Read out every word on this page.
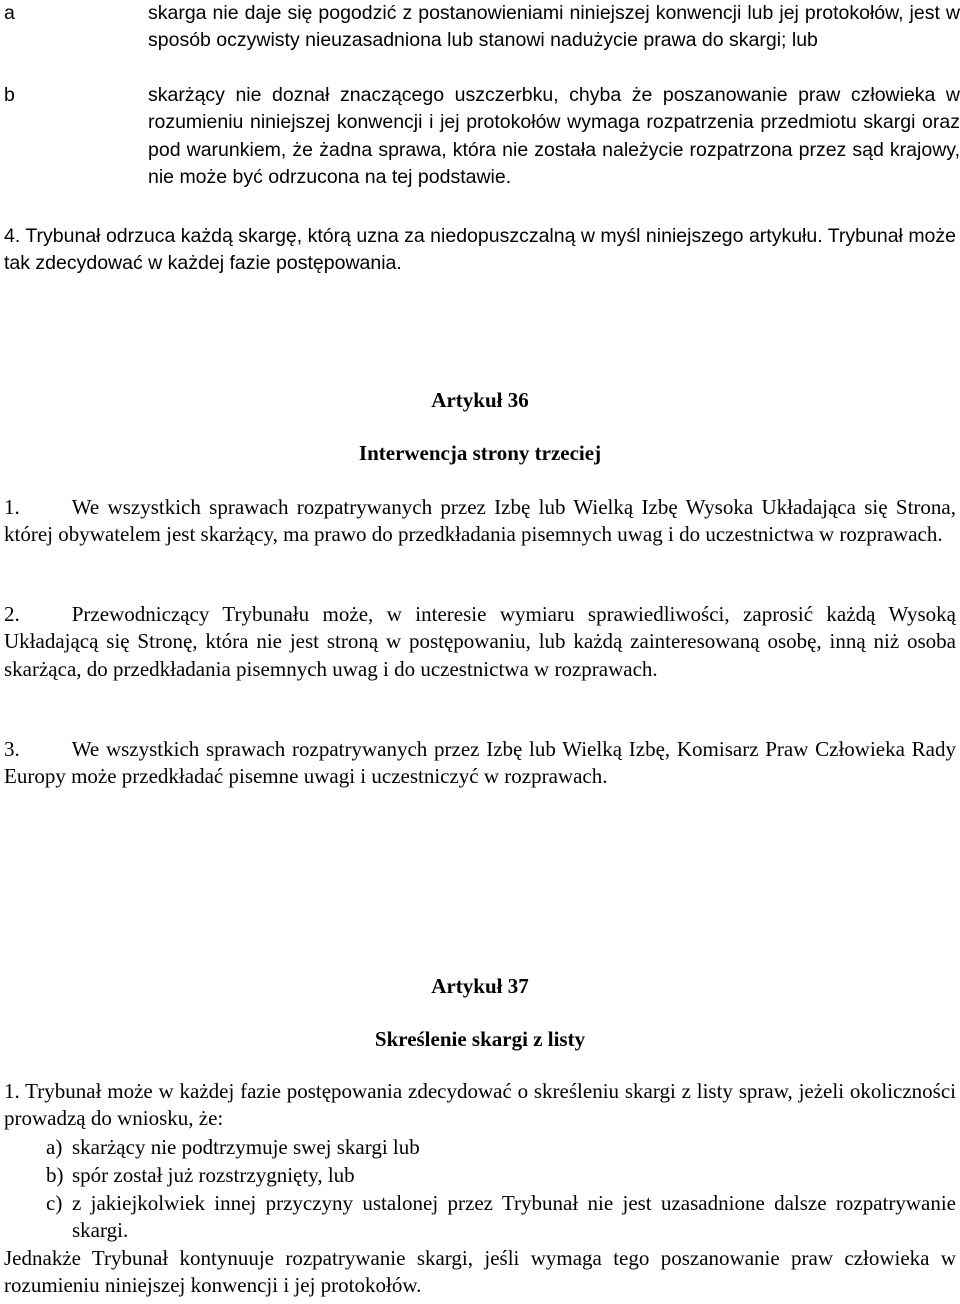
a	skarga nie daje się pogodzić z postanowieniami niniejszej konwencji lub jej protokołów, jest w sposób oczywisty nieuzasadniona lub stanowi nadużycie prawa do skargi; lub
b	skarżący nie doznał znaczącego uszczerbku, chyba że poszanowanie praw człowieka w rozumieniu niniejszej konwencji i jej protokołów wymaga rozpatrzenia przedmiotu skargi oraz pod warunkiem, że żadna sprawa, która nie została należycie rozpatrzona przez sąd krajowy, nie może być odrzucona na tej podstawie.
4. Trybunał odrzuca każdą skargę, którą uzna za niedopuszczalną w myśl niniejszego artykułu. Trybunał może tak zdecydować w każdej fazie postępowania.
Artykuł 36
Interwencja strony trzeciej
1. We wszystkich sprawach rozpatrywanych przez Izbę lub Wielką Izbę Wysoka Układająca się Strona, której obywatelem jest skarżący, ma prawo do przedkładania pisemnych uwag i do uczestnictwa w rozprawach.
2. Przewodniczący Trybunału może, w interesie wymiaru sprawiedliwości, zaprosić każdą Wysoką Układającą się Stronę, która nie jest stroną w postępowaniu, lub każdą zainteresowaną osobę, inną niż osoba skarżąca, do przedkładania pisemnych uwag i do uczestnictwa w rozprawach.
3. We wszystkich sprawach rozpatrywanych przez Izbę lub Wielką Izbę, Komisarz Praw Człowieka Rady Europy może przedkładać pisemne uwagi i uczestniczyć w rozprawach.
Artykuł 37
Skreślenie skargi z listy
1. Trybunał może w każdej fazie postępowania zdecydować o skreśleniu skargi z listy spraw, jeżeli okoliczności prowadzą do wniosku, że:
a) skarżący nie podtrzymuje swej skargi lub
b) spór został już rozstrzygnięty, lub
c) z jakiejkolwiek innej przyczyny ustalonej przez Trybunał nie jest uzasadnione dalsze rozpatrywanie skargi.
Jednakże Trybunał kontynuuje rozpatrywanie skargi, jeśli wymaga tego poszanowanie praw człowieka w rozumieniu niniejszej konwencji i jej protokołów.
